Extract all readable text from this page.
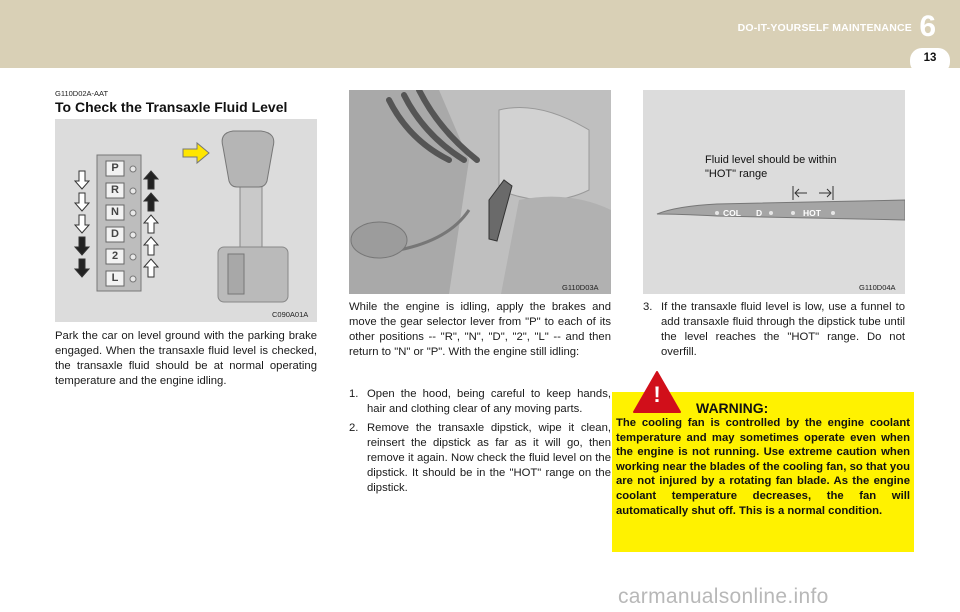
DO-IT-YOURSELF MAINTENANCE 6
13
G110D02A-AAT
To Check the Transaxle Fluid Level
P
R
N
D
2
L
C090A01A
Park the car on level ground with the parking brake engaged. When the transaxle fluid level is checked, the transaxle fluid should be at normal operating temperature and the engine idling.
G110D03A
While the engine is idling, apply the brakes and move the gear selector lever from "P" to each of its other positions -- "R", "N", "D", "2", "L" -- and then return to "N" or "P". With the engine still idling:
1. Open the hood, being careful to keep hands, hair and clothing clear of any moving parts.
2. Remove the transaxle dipstick, wipe it clean, reinsert the dipstick as far as it will go, then remove it again. Now check the fluid level on the dipstick. It should be in the "HOT" range on the dipstick.
Fluid level should be within
"HOT" range
COL D	HOT
G110D04A
3. If the transaxle fluid level is low, use a funnel to add transaxle fluid through the dipstick tube until the level reaches the "HOT" range. Do not overfill.
!
WARNING:
The cooling fan is controlled by the engine coolant temperature and may sometimes operate even when the engine is not running. Use extreme caution when working near the blades of the cooling fan, so that you are not injured by a rotating fan blade. As the engine coolant temperature decreases, the fan will automatically shut off. This is a normal condition.
carmanualsonline.info
